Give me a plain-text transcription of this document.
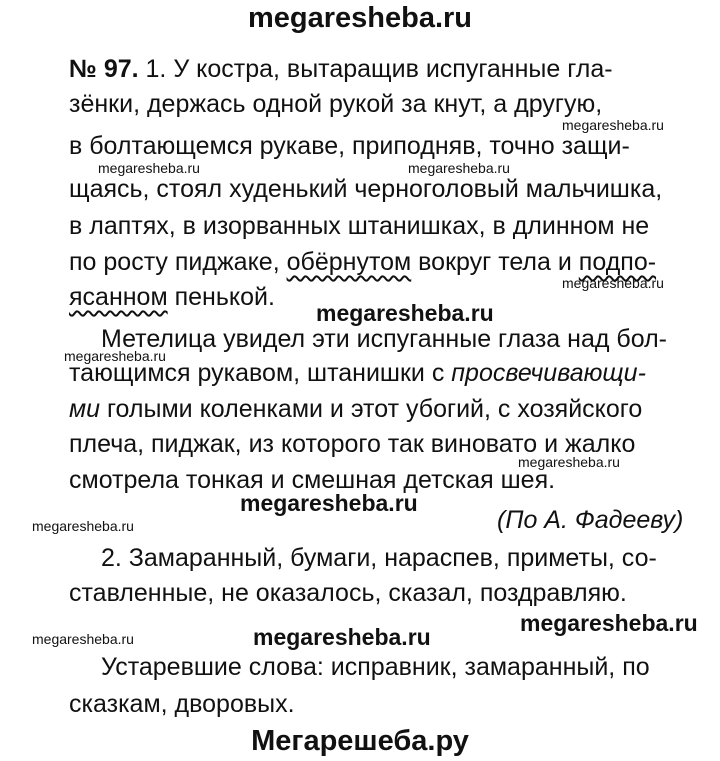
megaresheba.ru
№ 97. 1. У костра, вытаращив испуганные гла-
зёнки, держась одной рукой за кнут, а другую,
megaresheba.ru
в болтающемся рукаве, приподняв, точно защи-
megaresheba.ru	megaresheba.ru
щаясь, стоял худенький черноголовый мальчишка,
в лаптях, в изорванных штанишках, в длинном не
по росту пиджаке, обёрнутом вокруг тела и подпо-
megaresheba.ru
ясанном пенькой.
megaresheba.ru
Метелица увидел эти испуганные глаза над бол-
megaresheba.ru
тающимся рукавом, штанишки с просвечивающи-
ми голыми коленками и этот убогий, с хозяйского
плеча, пиджак, из которого так виновато и жалко
megaresheba.ru
смотрела тонкая и смешная детская шея.
megaresheba.ru
megaresheba.ru	(По А. Фадееву)
2. Замаранный, бумаги, нараспев, приметы, со-
ставленные, не оказалось, сказал, поздравляю.
megaresheba.ru
megaresheba.ru	megaresheba.ru
Устаревшие слова: исправник, замаранный, по
сказкам, дворовых.
Мегарешеба.ру
